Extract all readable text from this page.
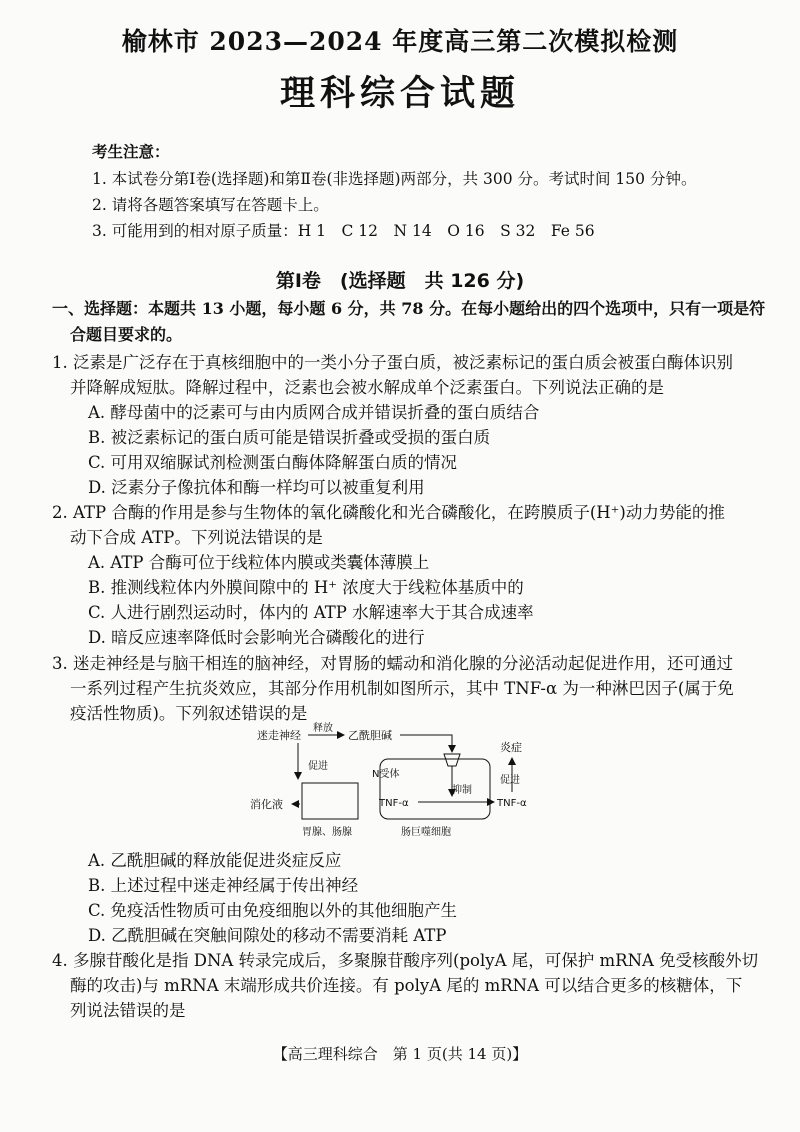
榆林市 2023—2024 年度高三第二次模拟检测
理科综合试题
考生注意：
1. 本试卷分第Ⅰ卷(选择题)和第Ⅱ卷(非选择题)两部分，共 300 分。考试时间 150 分钟。
2. 请将各题答案填写在答题卡上。
3. 可能用到的相对原子质量：H 1　C 12　N 14　O 16　S 32　Fe 56
第Ⅰ卷　(选择题　共 126 分)
一、选择题：本题共 13 小题，每小题 6 分，共 78 分。在每小题给出的四个选项中，只有一项是符
合题目要求的。
1. 泛素是广泛存在于真核细胞中的一类小分子蛋白质，被泛素标记的蛋白质会被蛋白酶体识别
并降解成短肽。降解过程中，泛素也会被水解成单个泛素蛋白。下列说法正确的是
A. 酵母菌中的泛素可与由内质网合成并错误折叠的蛋白质结合
B. 被泛素标记的蛋白质可能是错误折叠或受损的蛋白质
C. 可用双缩脲试剂检测蛋白酶体降解蛋白质的情况
D. 泛素分子像抗体和酶一样均可以被重复利用
2. ATP 合酶的作用是参与生物体的氧化磷酸化和光合磷酸化，在跨膜质子(H⁺)动力势能的推
动下合成 ATP。下列说法错误的是
A. ATP 合酶可位于线粒体内膜或类囊体薄膜上
B. 推测线粒体内外膜间隙中的 H⁺ 浓度大于线粒体基质中的
C. 人进行剧烈运动时，体内的 ATP 水解速率大于其合成速率
D. 暗反应速率降低时会影响光合磷酸化的进行
3. 迷走神经是与脑干相连的脑神经，对胃肠的蠕动和消化腺的分泌活动起促进作用，还可通过
一系列过程产生抗炎效应，其部分作用机制如图所示，其中 TNF-α 为一种淋巴因子(属于免
疫活性物质)。下列叙述错误的是
迷走神经
释放
乙酰胆碱
促进
消化液
胃腺、肠腺
N受体
抑制
TNF-α	TNF-α
肠巨噬细胞
促进
炎症
A. 乙酰胆碱的释放能促进炎症反应
B. 上述过程中迷走神经属于传出神经
C. 免疫活性物质可由免疫细胞以外的其他细胞产生
D. 乙酰胆碱在突触间隙处的移动不需要消耗 ATP
4. 多腺苷酸化是指 DNA 转录完成后，多聚腺苷酸序列(polyA 尾，可保护 mRNA 免受核酸外切
酶的攻击)与 mRNA 末端形成共价连接。有 polyA 尾的 mRNA 可以结合更多的核糖体，下
列说法错误的是
【高三理科综合　第 1 页(共 14 页)】
